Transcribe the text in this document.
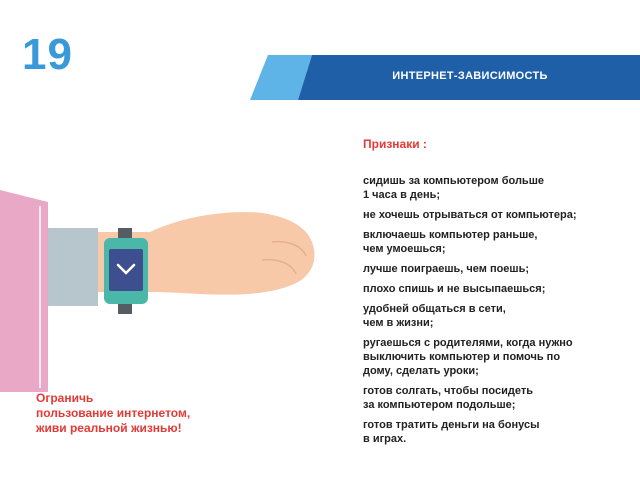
19	ИНТЕРНЕТ-ЗАВИСИМОСТЬ
Признаки :
сидишь за компьютером больше
1 часа в день;
не хочешь отрываться от компьютера;
включаешь компьютер раньше,
чем умоешься;
лучше поиграешь, чем поешь;
плохо спишь и не высыпаешься;
удобней общаться в сети,
чем в жизни;
ругаешься с родителями, когда нужно
выключить компьютер и помочь по
дому, сделать уроки;
готов солгать, чтобы посидеть
за компьютером подольше;
готов тратить деньги на бонусы
в играх.
Ограничь
пользование интернетом,
живи реальной жизнью!
